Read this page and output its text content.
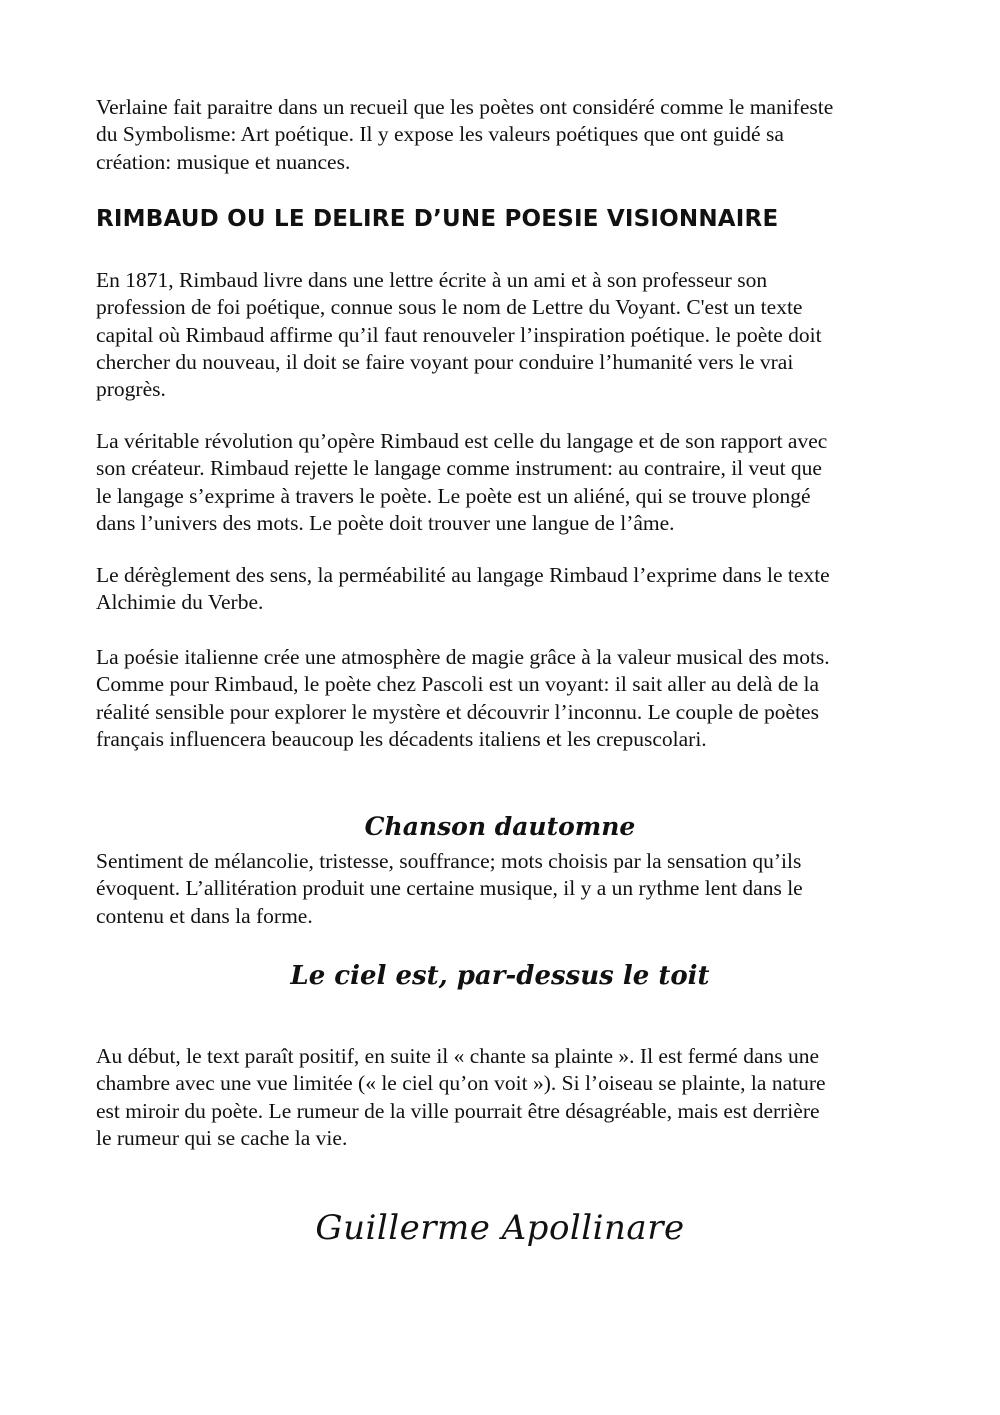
Verlaine fait paraitre dans un recueil que les poètes ont considéré comme le manifeste
du Symbolisme: Art poétique. Il y expose les valeurs poétiques que ont guidé sa
création: musique et nuances.

RIMBAUD OU LE DELIRE D’UNE POESIE VISIONNAIRE

En 1871, Rimbaud livre dans une lettre écrite à un ami et à son professeur son
profession de foi poétique, connue sous le nom de Lettre du Voyant. C'est un texte
capital où Rimbaud affirme qu’il faut renouveler l’inspiration poétique. le poète doit
chercher du nouveau, il doit se faire voyant pour conduire l’humanité vers le vrai
progrès.

La véritable révolution qu’opère Rimbaud est celle du langage et de son rapport avec
son créateur. Rimbaud rejette le langage comme instrument: au contraire, il veut que
le langage s’exprime à travers le poète. Le poète est un aliéné, qui se trouve plongé
dans l’univers des mots. Le poète doit trouver une langue de l’âme.

Le dérèglement des sens, la perméabilité au langage Rimbaud l’exprime dans le texte
Alchimie du Verbe.

La poésie italienne crée une atmosphère de magie grâce à la valeur musical des mots.
Comme pour Rimbaud, le poète chez Pascoli est un voyant: il sait aller au delà de la
réalité sensible pour explorer le mystère et découvrir l’inconnu. Le couple de poètes
français influencera beaucoup les décadents italiens et les crepuscolari.

Chanson dautomne

Sentiment de mélancolie, tristesse, souffrance; mots choisis par la sensation qu’ils
évoquent. L’allitération produit une certaine musique, il y a un rythme lent dans le
contenu et dans la forme.

Le ciel est, par-dessus le toit

Au début, le text paraît positif, en suite il « chante sa plainte ». Il est fermé dans une
chambre avec une vue limitée (« le ciel qu’on voit »). Si l’oiseau se plainte, la nature
est miroir du poète. Le rumeur de la ville pourrait être désagréable, mais est derrière
le rumeur qui se cache la vie.

Guillerme Apollinare
